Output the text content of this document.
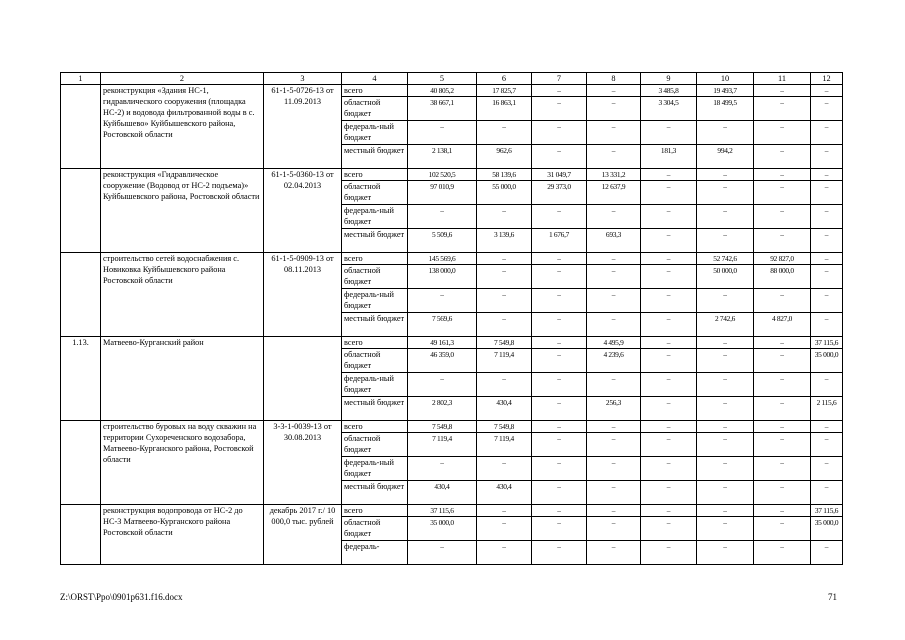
1	2	3	4	5	6	7	8	9	10	11	12
	реконструкция «Здания НС-1, гидравлического сооружения (площадка НС-2) и водовода фильтрованной воды в с. Куйбышево» Куйбышевского района, Ростовской области	61-1-5-0726-13 от 11.09.2013	всего	40 805,2	17 825,7	–	–	3 485,8	19 493,7	–	–
			областной бюджет	38 667,1	16 863,1	–	–	3 304,5	18 499,5	–	–
			федераль-ный бюджет	–	–	–	–	–	–	–	–
			местный бюджет	2 138,1	962,6	–	–	181,3	994,2	–	–
	реконструкция «Гидравлическое сооружение (Водовод от НС-2 подъема)» Куйбышевского района, Ростовской области	61-1-5-0360-13 от 02.04.2013	всего	102 520,5	58 139,6	31 049,7	13 331,2	–	–	–	–
			областной бюджет	97 010,9	55 000,0	29 373,0	12 637,9	–	–	–	–
			федераль-ный бюджет	–	–	–	–	–	–	–	–
			местный бюджет	5 509,6	3 139,6	1 676,7	693,3	–	–	–	–
	строительство сетей водоснабжения с. Новиковка Куйбышевского района Ростовской области	61-1-5-0909-13 от 08.11.2013	всего	145 569,6	–	–	–	–	52 742,6	92 827,0	–
			областной бюджет	138 000,0	–	–	–	–	50 000,0	88 000,0	–
			федераль-ный бюджет	–	–	–	–	–	–	–	–
			местный бюджет	7 569,6	–	–	–	–	2 742,6	4 827,0	–
1.13.	Матвеево-Курганский район		всего	49 161,3	7 549,8	–	4 495,9	–	–	–	37 115,6
			областной бюджет	46 359,0	7 119,4	–	4 239,6	–	–	–	35 000,0
			федераль-ный бюджет	–	–	–	–	–	–	–	–
			местный бюджет	2 802,3	430,4	–	256,3	–	–	–	2 115,6
	строительство буровых на воду скважин на территории Сухореченского водозабора, Матвеево-Курганского района, Ростовской области	3-3-1-0039-13 от 30.08.2013	всего	7 549,8	7 549,8	–	–	–	–	–	–
			областной бюджет	7 119,4	7 119,4	–	–	–	–	–	–
			федераль-ный бюджет	–	–	–	–	–	–	–	–
			местный бюджет	430,4	430,4	–	–	–	–	–	–
	реконструкция водопровода от НС-2 до НС-3 Матвеево-Курганского района Ростовской области	декабрь 2017 г./ 10 000,0 тыс. рублей	всего	37 115,6	–	–	–	–	–	–	37 115,6
			областной бюджет	35 000,0	–	–	–	–	–	–	35 000,0
			федераль-	–	–	–	–	–	–	–	–
Z:\ORST\Ppo\0901p631.f16.docx	71
